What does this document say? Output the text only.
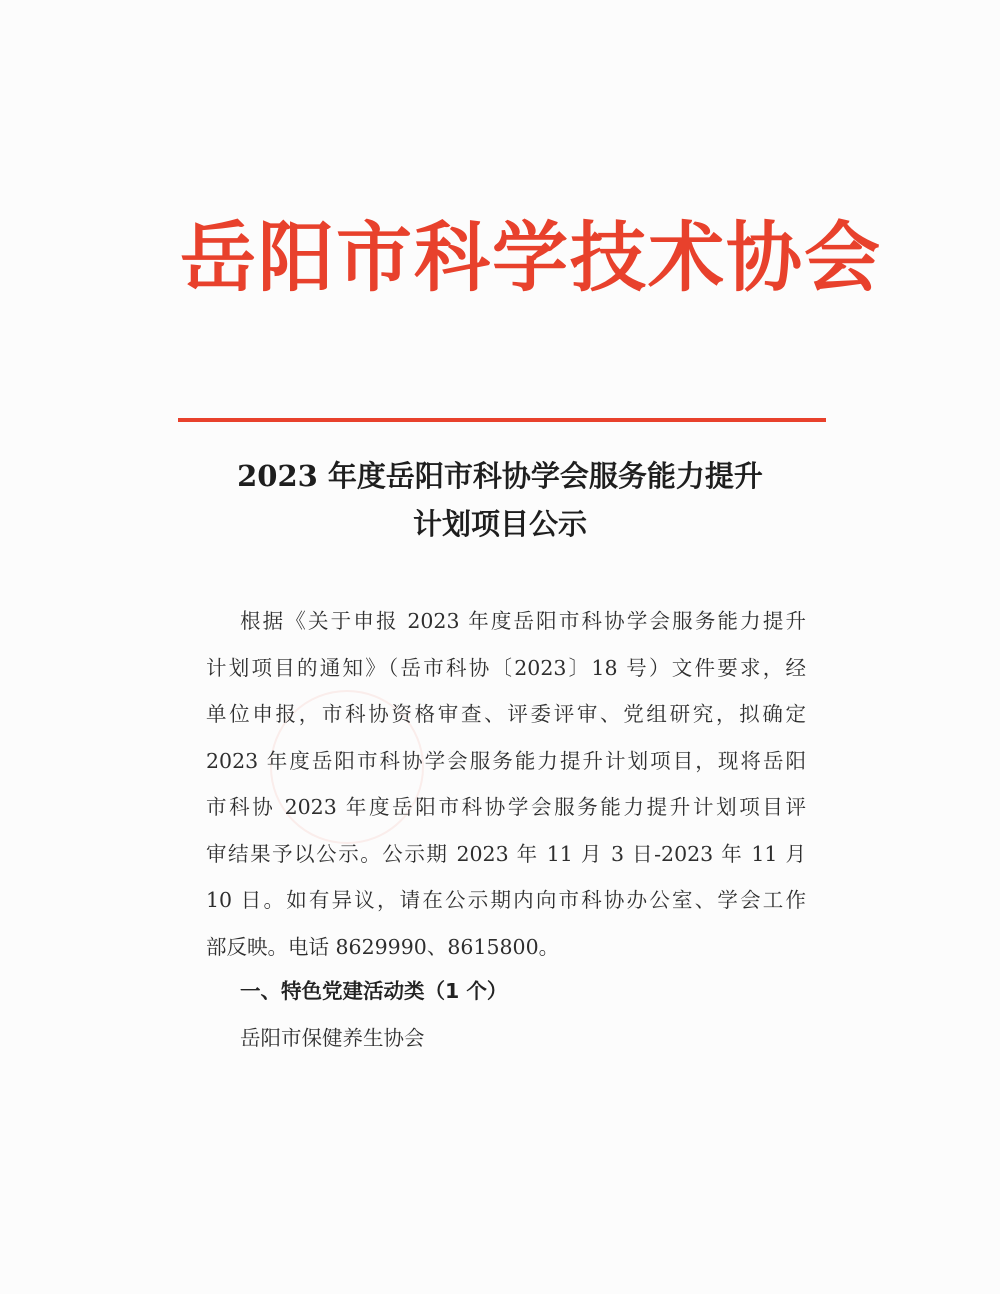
岳阳市科学技术协会
2023 年度岳阳市科协学会服务能力提升
计划项目公示
根据《关于申报 2023 年度岳阳市科协学会服务能力提升
计划项目的通知》（岳市科协〔2023〕18 号）文件要求，经
单位申报，市科协资格审查、评委评审、党组研究，拟确定
2023 年度岳阳市科协学会服务能力提升计划项目，现将岳阳
市科协 2023 年度岳阳市科协学会服务能力提升计划项目评
审结果予以公示。公示期 2023 年 11 月 3 日-2023 年 11 月
10 日。如有异议，请在公示期内向市科协办公室、学会工作
部反映。电话 8629990、8615800。
一、特色党建活动类（1 个）
岳阳市保健养生协会
